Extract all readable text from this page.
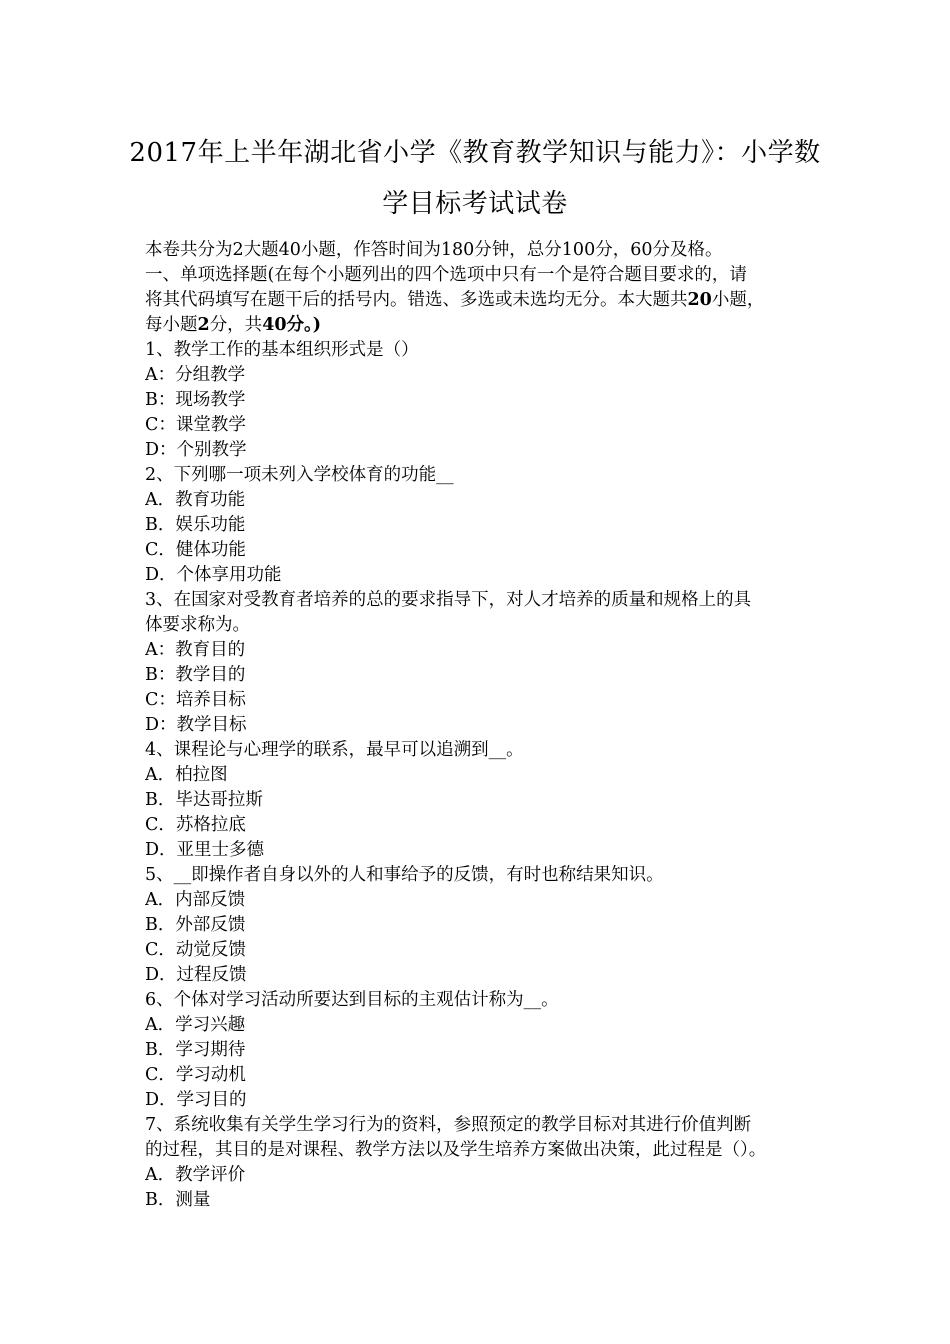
2017年上半年湖北省小学《教育教学知识与能力》：小学数
学目标考试试卷
本卷共分为2大题40小题，作答时间为180分钟，总分100分，60分及格。
一、单项选择题(在每个小题列出的四个选项中只有一个是符合题目要求的，请
将其代码填写在题干后的括号内。错选、多选或未选均无分。本大题共20小题，
每小题2分，共40分。)
1、教学工作的基本组织形式是（）
A：分组教学
B：现场教学
C：课堂教学
D：个别教学
2、下列哪一项未列入学校体育的功能__
A．教育功能
B．娱乐功能
C．健体功能
D．个体享用功能
3、在国家对受教育者培养的总的要求指导下，对人才培养的质量和规格上的具
体要求称为。
A：教育目的
B：教学目的
C：培养目标
D：教学目标
4、课程论与心理学的联系，最早可以追溯到__。
A．柏拉图
B．毕达哥拉斯
C．苏格拉底
D．亚里士多德
5、__即操作者自身以外的人和事给予的反馈，有时也称结果知识。
A．内部反馈
B．外部反馈
C．动觉反馈
D．过程反馈
6、个体对学习活动所要达到目标的主观估计称为__。
A．学习兴趣
B．学习期待
C．学习动机
D．学习目的
7、系统收集有关学生学习行为的资料，参照预定的教学目标对其进行价值判断
的过程，其目的是对课程、教学方法以及学生培养方案做出决策，此过程是（）。
A．教学评价
B．测量
